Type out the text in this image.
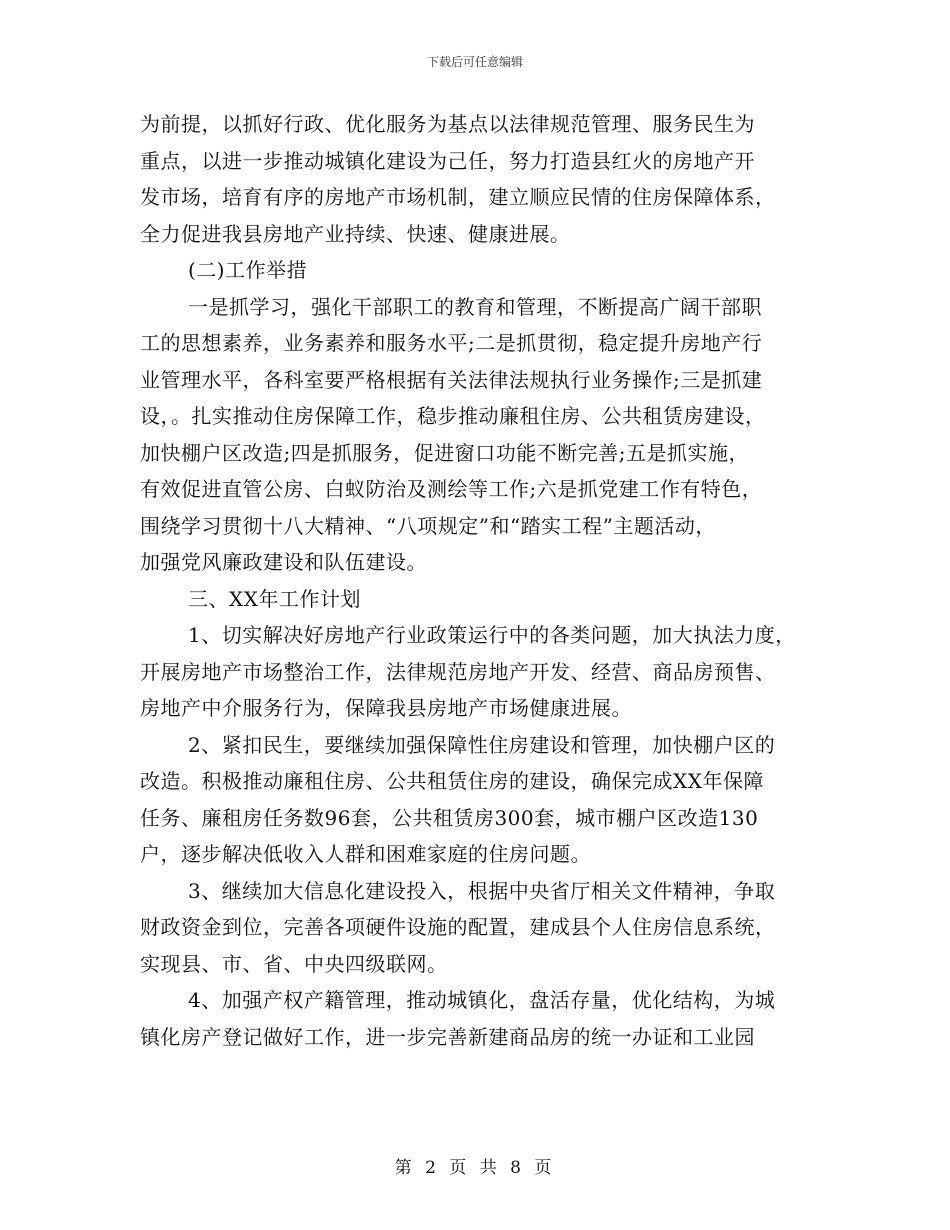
下载后可任意编辑
为前提，以抓好行政、优化服务为基点以法律规范管理、服务民生为
重点，以进一步推动城镇化建设为己任，努力打造县红火的房地产开
发市场，培育有序的房地产市场机制，建立顺应民情的住房保障体系，
全力促进我县房地产业持续、快速、健康进展。
(二)工作举措
一是抓学习，强化干部职工的教育和管理，不断提高广阔干部职
工的思想素养，业务素养和服务水平;二是抓贯彻，稳定提升房地产行
业管理水平，各科室要严格根据有关法律法规执行业务操作;三是抓建
设，。扎实推动住房保障工作，稳步推动廉租住房、公共租赁房建设，
加快棚户区改造;四是抓服务，促进窗口功能不断完善;五是抓实施，
有效促进直管公房、白蚁防治及测绘等工作;六是抓党建工作有特色，
围绕学习贯彻十八大精神、“八项规定”和“踏实工程”主题活动，
加强党风廉政建设和队伍建设。
三、XX年工作计划
1、切实解决好房地产行业政策运行中的各类问题，加大执法力度，
开展房地产市场整治工作，法律规范房地产开发、经营、商品房预售、
房地产中介服务行为，保障我县房地产市场健康进展。
2、紧扣民生，要继续加强保障性住房建设和管理，加快棚户区的
改造。积极推动廉租住房、公共租赁住房的建设，确保完成XX年保障
任务、廉租房任务数96套，公共租赁房300套，城市棚户区改造130
户，逐步解决低收入人群和困难家庭的住房问题。
3、继续加大信息化建设投入，根据中央省厅相关文件精神，争取
财政资金到位，完善各项硬件设施的配置，建成县个人住房信息系统，
实现县、市、省、中央四级联网。
4、加强产权产籍管理，推动城镇化，盘活存量，优化结构，为城
镇化房产登记做好工作，进一步完善新建商品房的统一办证和工业园
第 2 页 共 8 页
